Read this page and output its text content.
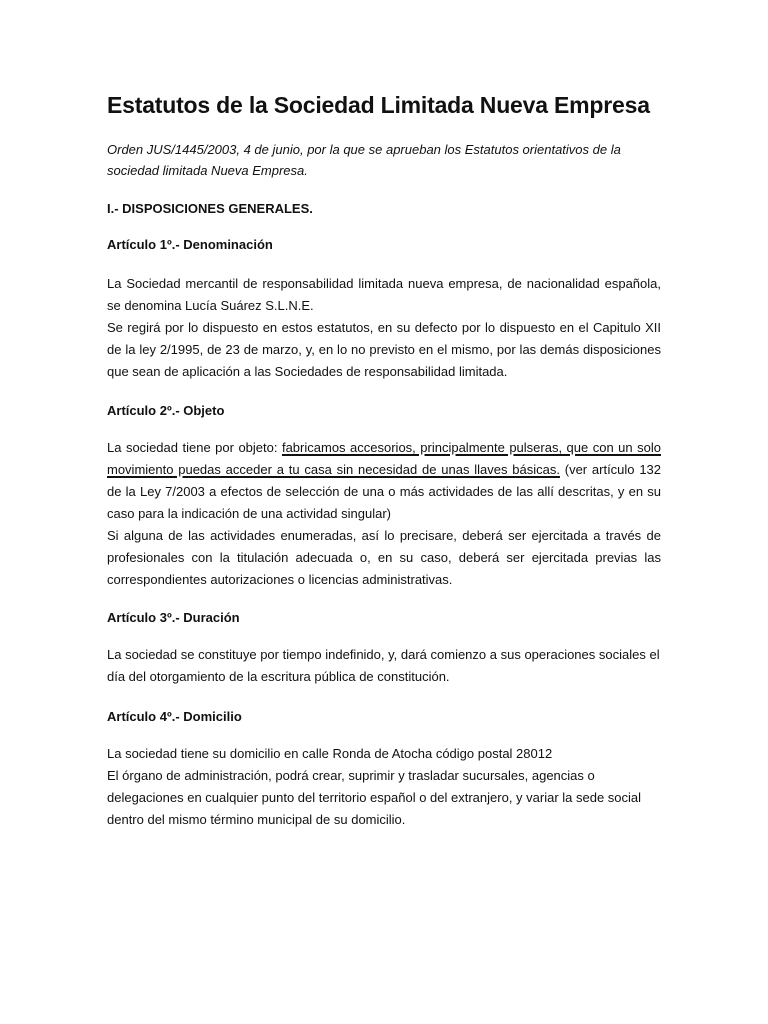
Estatutos de la Sociedad Limitada Nueva Empresa

Orden JUS/1445/2003, 4 de junio, por la que se aprueban los Estatutos orientativos de la sociedad limitada Nueva Empresa.

I.- DISPOSICIONES GENERALES.

Artículo 1º.- Denominación

La Sociedad mercantil de responsabilidad limitada nueva empresa, de nacionalidad española, se denomina Lucía Suárez S.L.N.E.
Se regirá por lo dispuesto en estos estatutos, en su defecto por lo dispuesto en el Capitulo XII de la ley 2/1995, de 23 de marzo, y, en lo no previsto en el mismo, por las demás disposiciones que sean de aplicación a las Sociedades de responsabilidad limitada.

Artículo 2º.- Objeto

La sociedad tiene por objeto: fabricamos accesorios, principalmente pulseras, que con un solo movimiento puedas acceder a tu casa sin necesidad de unas llaves básicas. (ver artículo 132 de la Ley 7/2003 a efectos de selección de una o más actividades de las allí descritas, y en su caso para la indicación de una actividad singular)
Si alguna de las actividades enumeradas, así lo precisare, deberá ser ejercitada a través de profesionales con la titulación adecuada o, en su caso, deberá ser ejercitada previas las correspondientes autorizaciones o licencias administrativas.

Artículo 3º.- Duración

La sociedad se constituye por tiempo indefinido, y, dará comienzo a sus operaciones sociales el día del otorgamiento de la escritura pública de constitución.

Artículo 4º.- Domicilio

La sociedad tiene su domicilio en calle Ronda de Atocha código postal 28012
El órgano de administración, podrá crear, suprimir y trasladar sucursales, agencias o delegaciones en cualquier punto del territorio español o del extranjero, y variar la sede social dentro del mismo término municipal de su domicilio.
